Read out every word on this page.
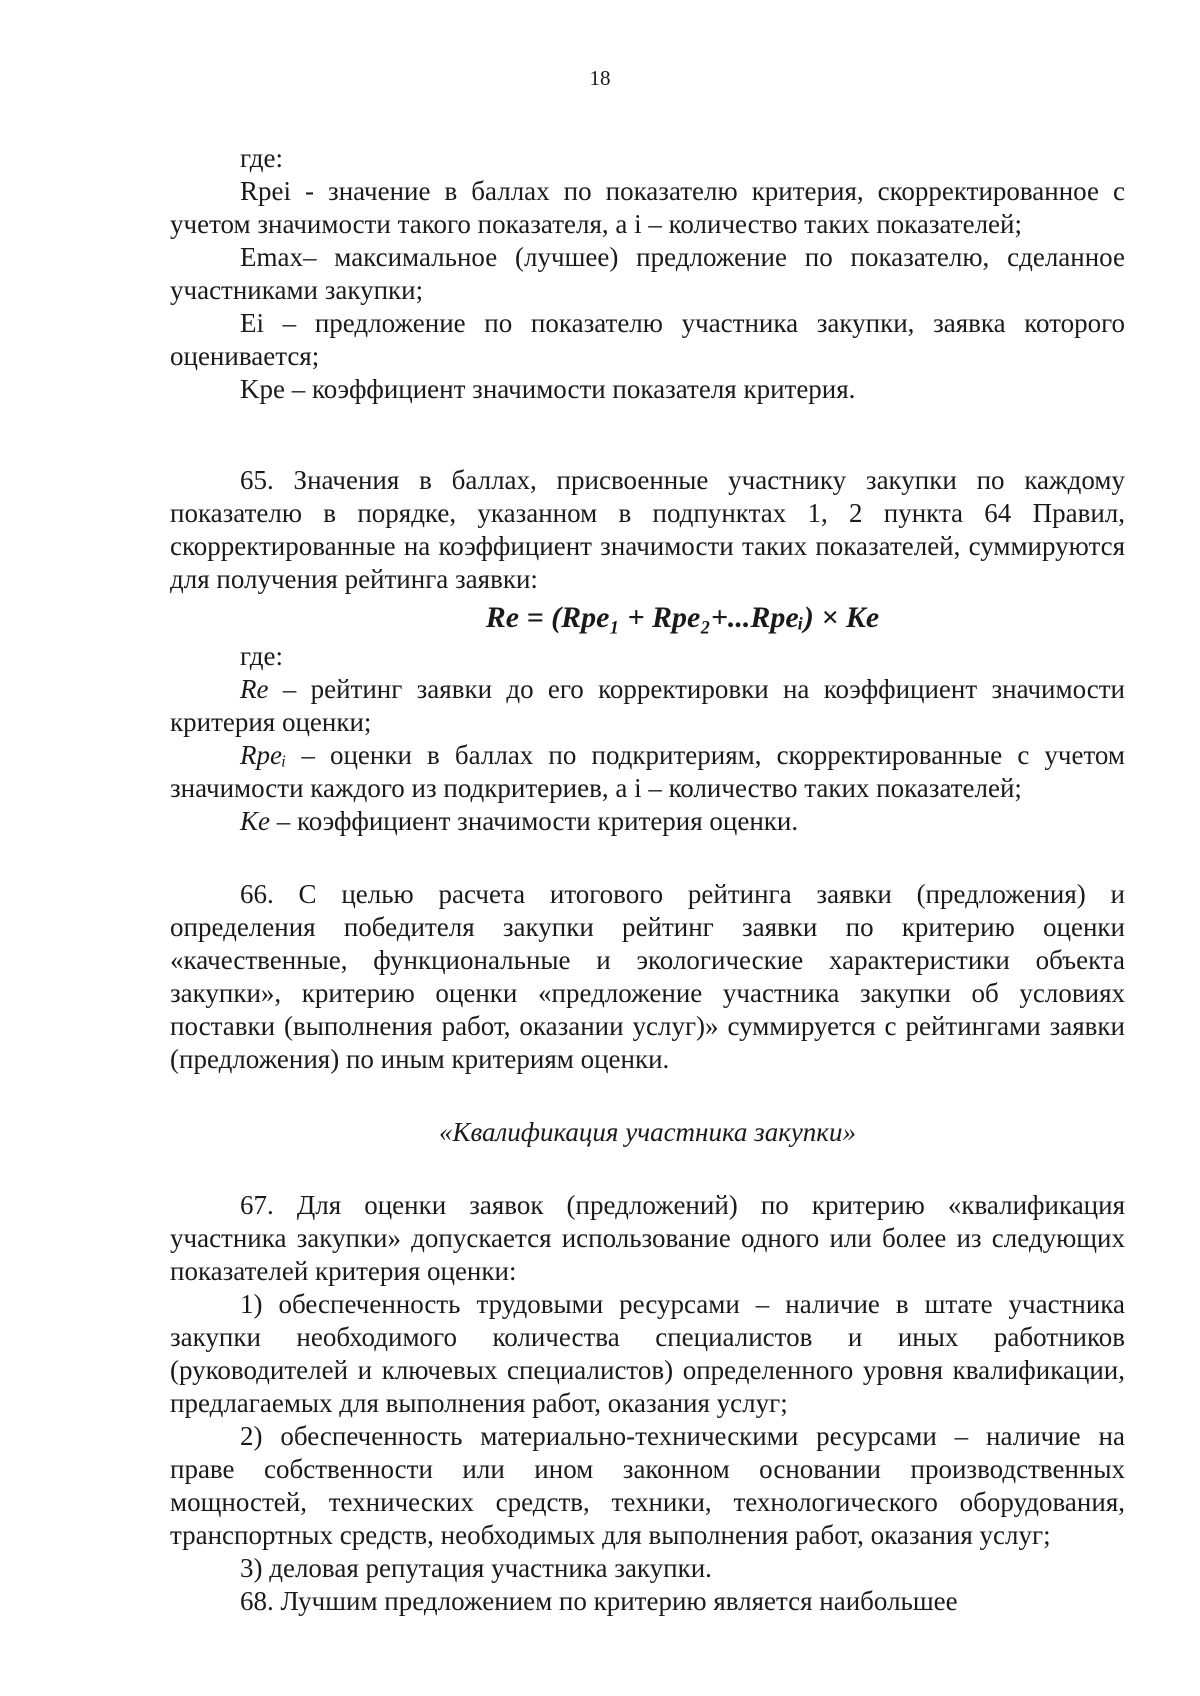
18

где:

Rpei - значение в баллах по показателю критерия, скорректированное с учетом значимости такого показателя, а i – количество таких показателей;

Emax– максимальное (лучшее) предложение по показателю, сделанное участниками закупки;

Ei – предложение по показателю участника закупки, заявка которого оценивается;

Kpe – коэффициент значимости показателя критерия.

65. Значения в баллах, присвоенные участнику закупки по каждому показателю в порядке, указанном в подпунктах 1, 2 пункта 64 Правил, скорректированные на коэффициент значимости таких показателей, суммируются для получения рейтинга заявки:

Re = (Rpe₁ + Rpe₂+...Rpeᵢ) × Ke

где:

Re – рейтинг заявки до его корректировки на коэффициент значимости критерия оценки;

Rpeᵢ – оценки в баллах по подкритериям, скорректированные с учетом значимости каждого из подкритериев, а i – количество таких показателей;

Ke – коэффициент значимости критерия оценки.

66. С целью расчета итогового рейтинга заявки (предложения) и определения победителя закупки рейтинг заявки по критерию оценки «качественные, функциональные и экологические характеристики объекта закупки», критерию оценки «предложение участника закупки об условиях поставки (выполнения работ, оказании услуг)» суммируется с рейтингами заявки (предложения) по иным критериям оценки.

«Квалификация участника закупки»

67. Для оценки заявок (предложений) по критерию «квалификация участника закупки» допускается использование одного или более из следующих показателей критерия оценки:

1) обеспеченность трудовыми ресурсами – наличие в штате участника закупки необходимого количества специалистов и иных работников (руководителей и ключевых специалистов) определенного уровня квалификации, предлагаемых для выполнения работ, оказания услуг;

2) обеспеченность материально-техническими ресурсами – наличие на праве собственности или ином законном основании производственных мощностей, технических средств, техники, технологического оборудования, транспортных средств, необходимых для выполнения работ, оказания услуг;

3) деловая репутация участника закупки.

68. Лучшим предложением по критерию является наибольшее
